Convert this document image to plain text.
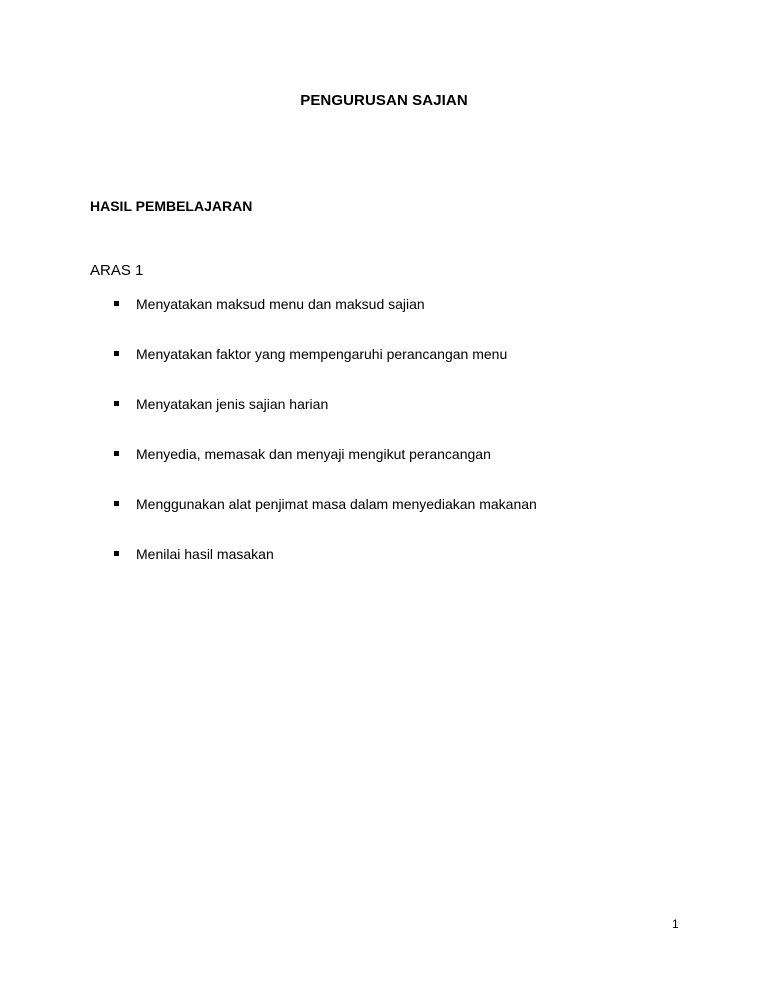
PENGURUSAN SAJIAN
HASIL PEMBELAJARAN
ARAS 1
Menyatakan maksud menu dan maksud sajian
Menyatakan faktor yang mempengaruhi perancangan menu
Menyatakan jenis sajian harian
Menyedia, memasak dan menyaji mengikut perancangan
Menggunakan alat penjimat masa dalam menyediakan makanan
Menilai hasil masakan
1
